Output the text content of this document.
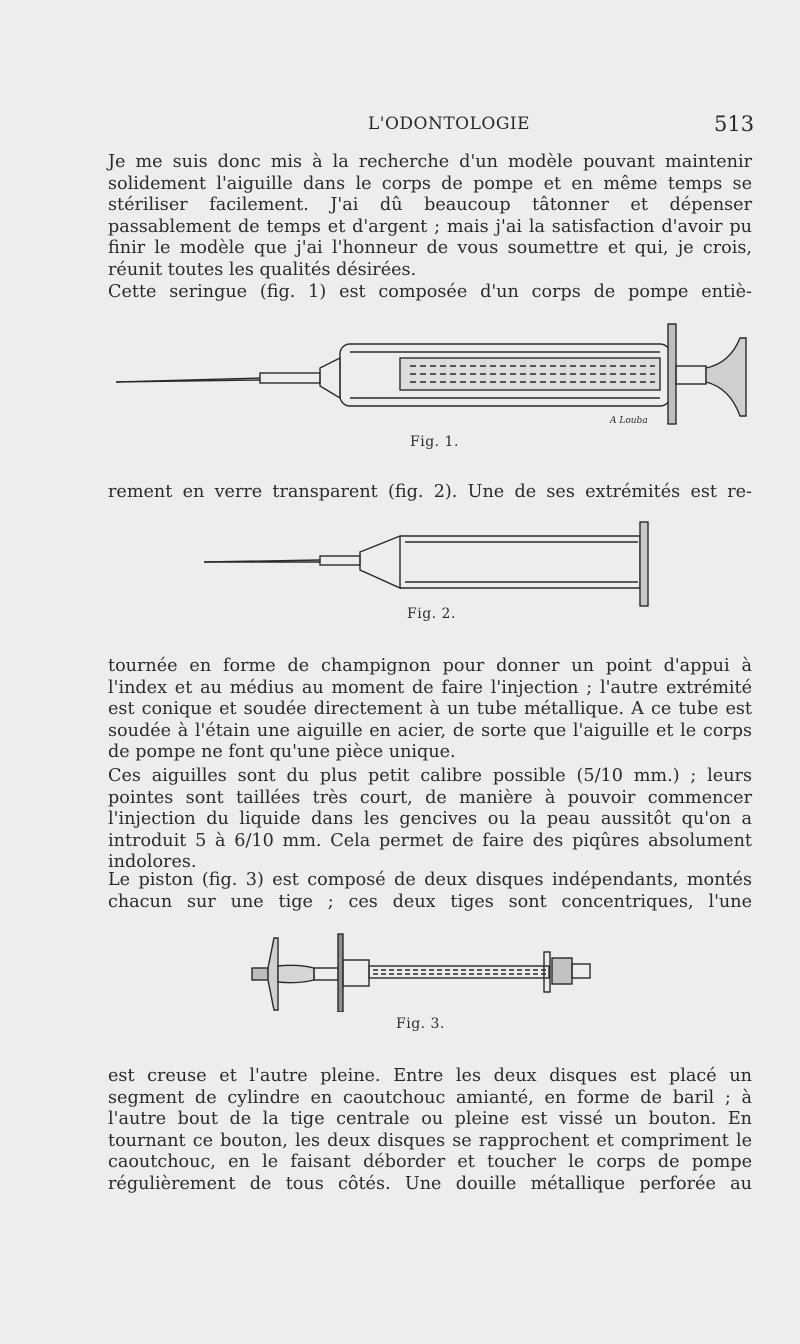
L'ODONTOLOGIE	513

Je me suis donc mis à la recherche d'un modèle pouvant maintenir solidement l'aiguille dans le corps de pompe et en même temps se stériliser facilement. J'ai dû beaucoup tâtonner et dépenser passablement de temps et d'argent ; mais j'ai la satisfaction d'avoir pu finir le modèle que j'ai l'honneur de vous soumettre et qui, je crois, réunit toutes les qualités désirées.

Cette seringue (fig. 1) est composée d'un corps de pompe entiè-

A Louba
Fig. 1.

rement en verre transparent (fig. 2). Une de ses extrémités est re-

Fig. 2.

tournée en forme de champignon pour donner un point d'appui à l'index et au médius au moment de faire l'injection ; l'autre extrémité est conique et soudée directement à un tube métallique. A ce tube est soudée à l'étain une aiguille en acier, de sorte que l'aiguille et le corps de pompe ne font qu'une pièce unique.

Ces aiguilles sont du plus petit calibre possible (5/10 mm.) ; leurs pointes sont taillées très court, de manière à pouvoir commencer l'injection du liquide dans les gencives ou la peau aussitôt qu'on a introduit 5 à 6/10 mm. Cela permet de faire des piqûres absolument indolores.

Le piston (fig. 3) est composé de deux disques indépendants, montés chacun sur une tige ; ces deux tiges sont concentriques, l'une

Fig. 3.

est creuse et l'autre pleine. Entre les deux disques est placé un segment de cylindre en caoutchouc amianté, en forme de baril ; à l'autre bout de la tige centrale ou pleine est vissé un bouton. En tournant ce bouton, les deux disques se rapprochent et compriment le caoutchouc, en le faisant déborder et toucher le corps de pompe régulièrement de tous côtés. Une douille métallique perforée au
